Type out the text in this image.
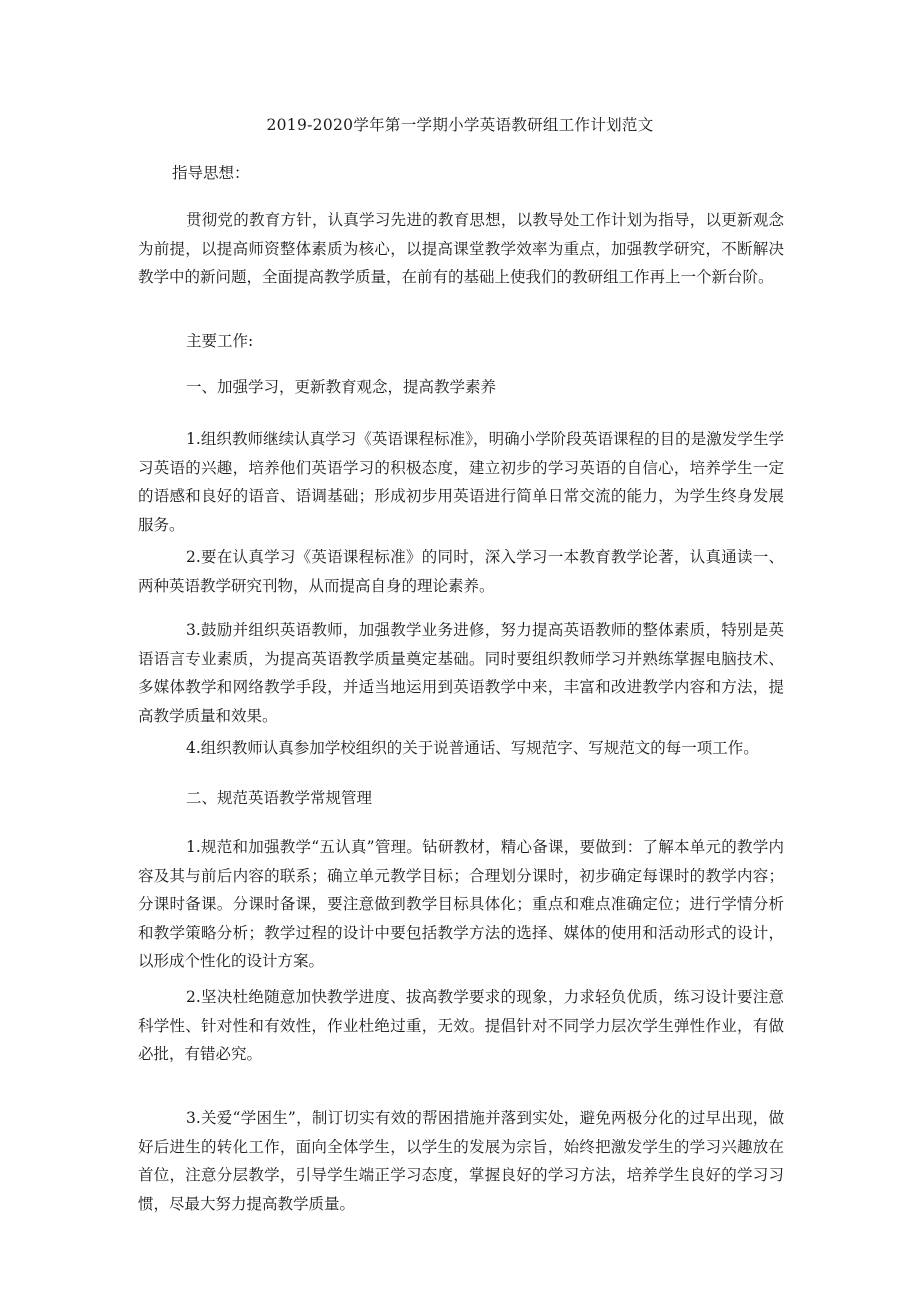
2019-2020学年第一学期小学英语教研组工作计划范文
指导思想：

贯彻党的教育方针，认真学习先进的教育思想，以教导处工作计划为指导，以更新观念为前提，以提高师资整体素质为核心，以提高课堂教学效率为重点，加强教学研究，不断解决教学中的新问题，全面提高教学质量，在前有的基础上使我们的教研组工作再上一个新台阶。

主要工作:
一、加强学习，更新教育观念，提高教学素养

1.组织教师继续认真学习《英语课程标准》，明确小学阶段英语课程的目的是激发学生学习英语的兴趣，培养他们英语学习的积极态度，建立初步的学习英语的自信心，培养学生一定的语感和良好的语音、语调基础；形成初步用英语进行简单日常交流的能力，为学生终身发展服务。

2.要在认真学习《英语课程标准》的同时，深入学习一本教育教学论著，认真通读一、两种英语教学研究刊物，从而提高自身的理论素养。

3.鼓励并组织英语教师，加强教学业务进修，努力提高英语教师的整体素质，特别是英语语言专业素质，为提高英语教学质量奠定基础。同时要组织教师学习并熟练掌握电脑技术、多媒体教学和网络教学手段，并适当地运用到英语教学中来，丰富和改进教学内容和方法，提高教学质量和效果。

4.组织教师认真参加学校组织的关于说普通话、写规范字、写规范文的每一项工作。

二、规范英语教学常规管理

1.规范和加强教学“五认真”管理。钻研教材，精心备课，要做到：了解本单元的教学内容及其与前后内容的联系；确立单元教学目标；合理划分课时，初步确定每课时的教学内容；分课时备课。分课时备课，要注意做到教学目标具体化；重点和难点准确定位；进行学情分析和教学策略分析；教学过程的设计中要包括教学方法的选择、媒体的使用和活动形式的设计，以形成个性化的设计方案。

2.坚决杜绝随意加快教学进度、拔高教学要求的现象，力求轻负优质，练习设计要注意科学性、针对性和有效性，作业杜绝过重，无效。提倡针对不同学力层次学生弹性作业，有做必批，有错必究。

3.关爱“学困生”，制订切实有效的帮困措施并落到实处，避免两极分化的过早出现，做好后进生的转化工作，面向全体学生，以学生的发展为宗旨，始终把激发学生的学习兴趣放在首位，注意分层教学，引导学生端正学习态度，掌握良好的学习方法，培养学生良好的学习习惯，尽最大努力提高教学质量。
